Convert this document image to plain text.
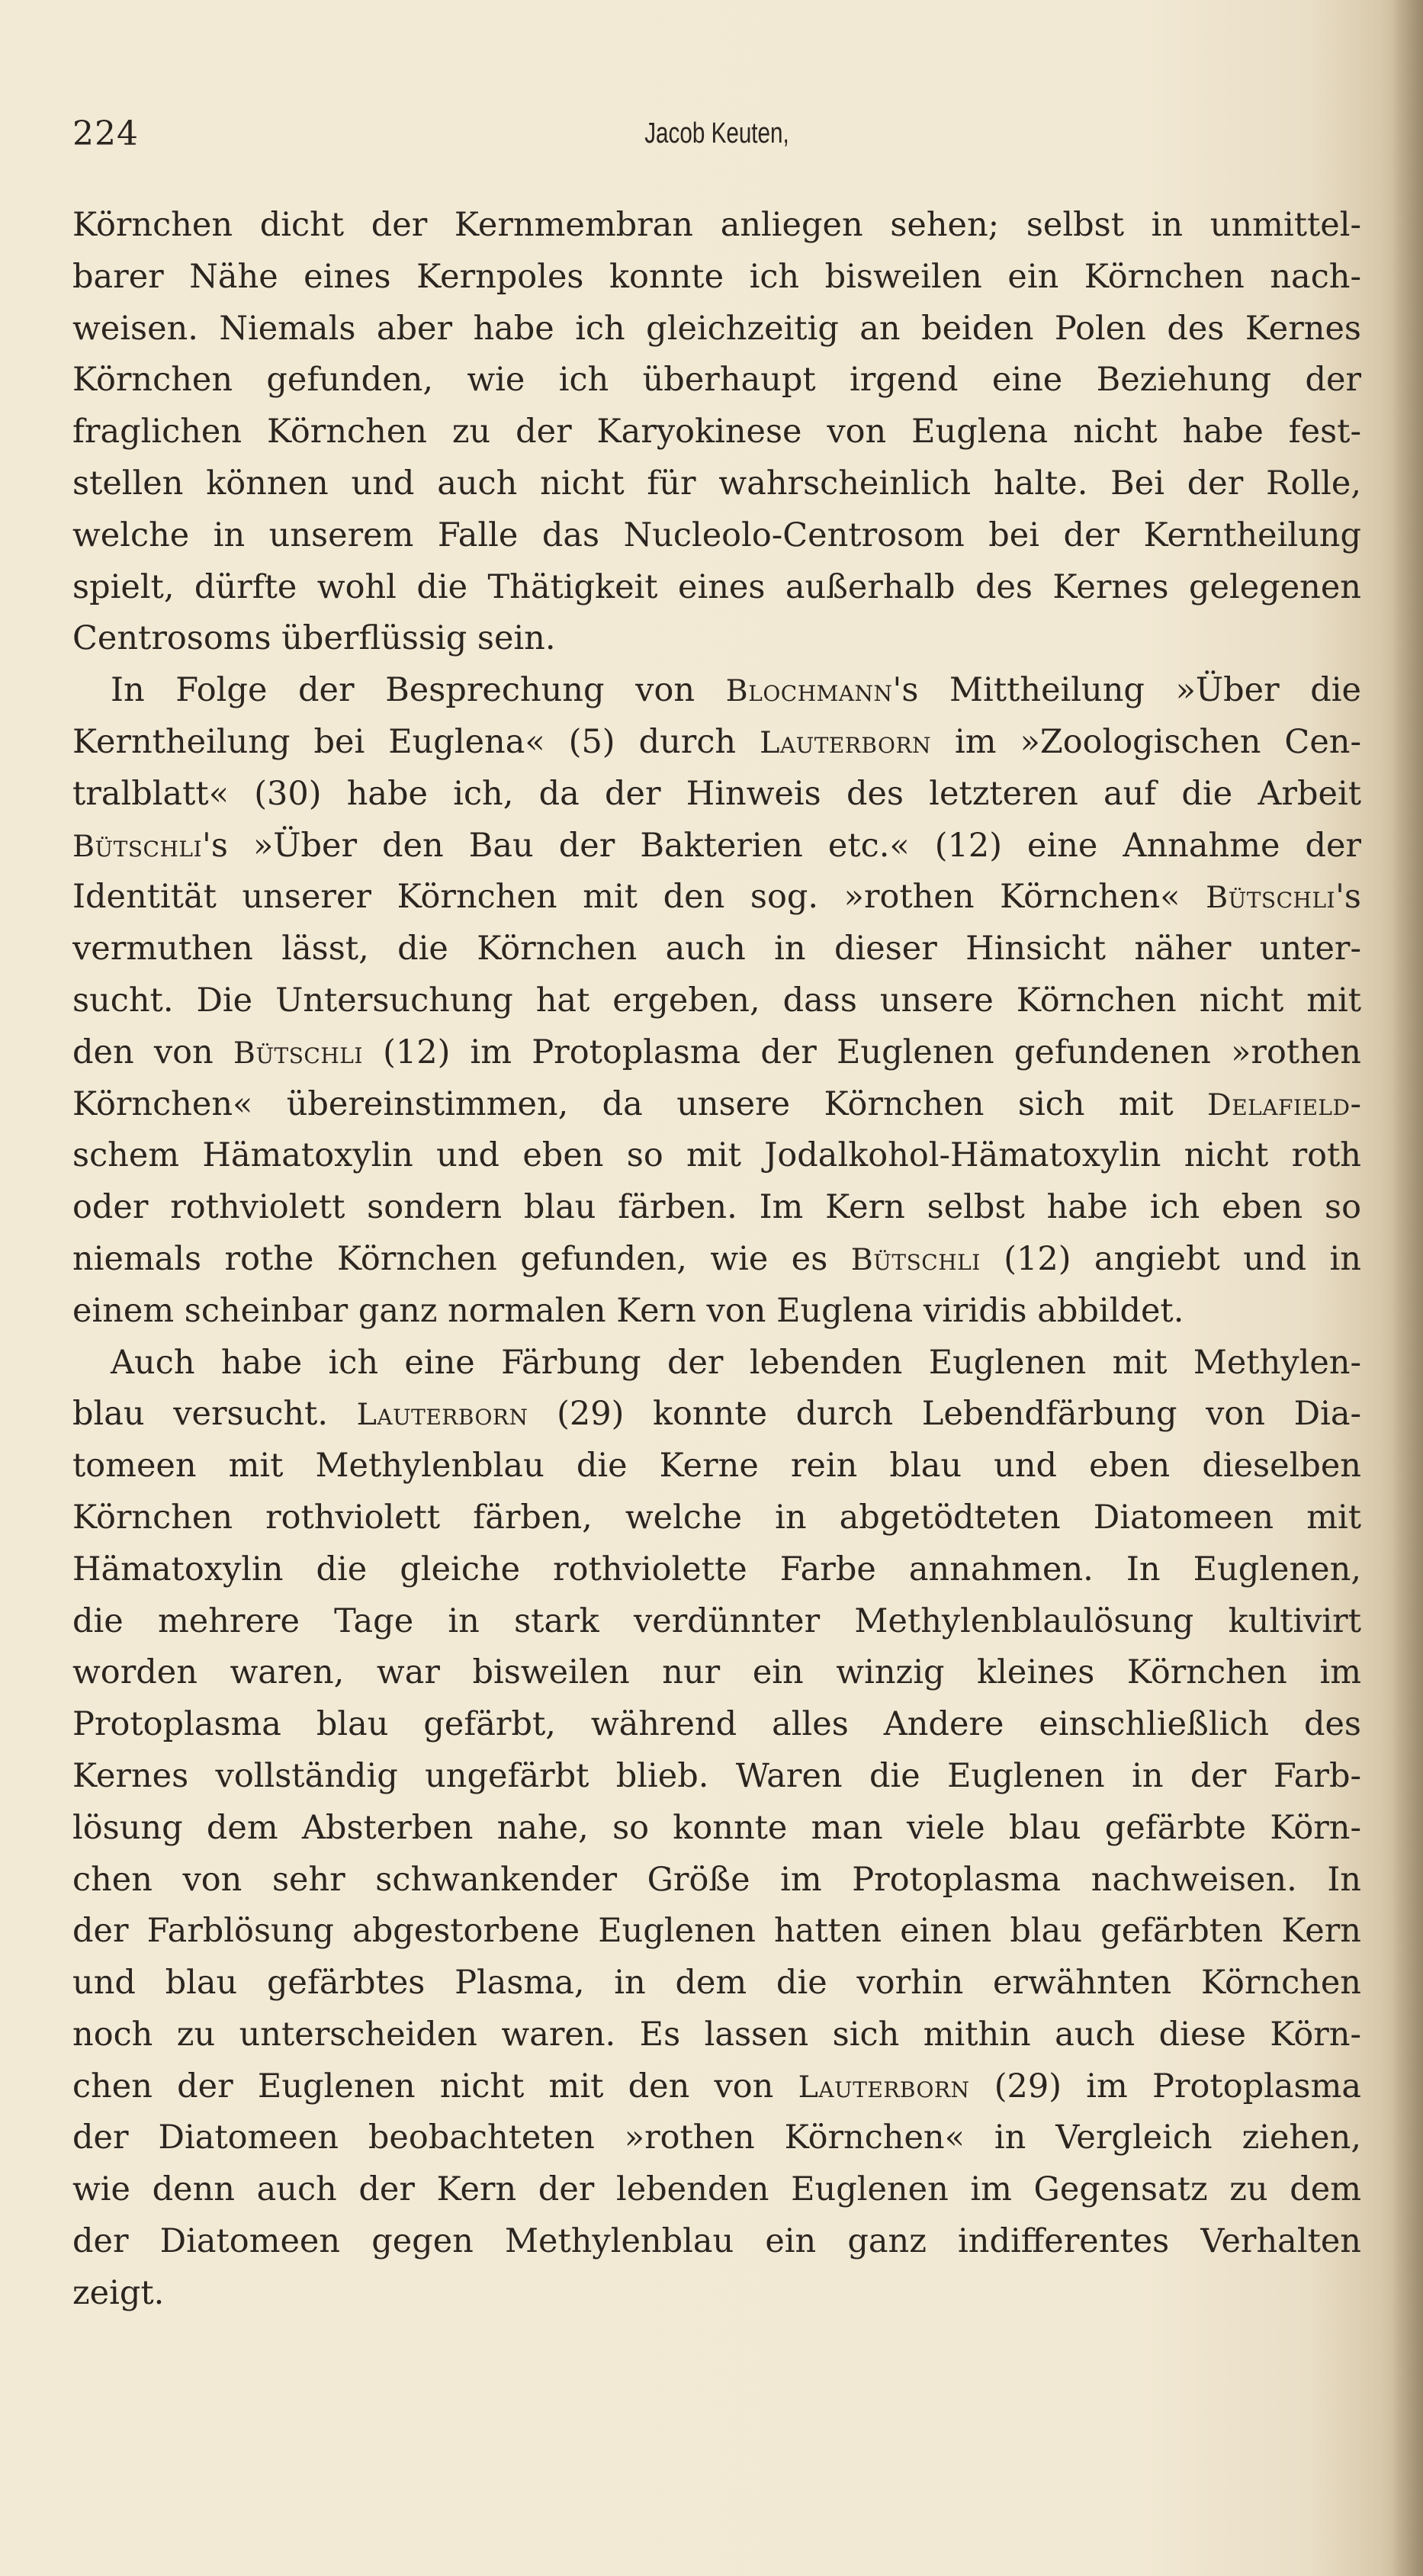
224	Jacob Keuten,
Körnchen dicht der Kernmembran anliegen sehen; selbst in unmittel-
barer Nähe eines Kernpoles konnte ich bisweilen ein Körnchen nach-
weisen. Niemals aber habe ich gleichzeitig an beiden Polen des Kernes
Körnchen gefunden, wie ich überhaupt irgend eine Beziehung der
fraglichen Körnchen zu der Karyokinese von Euglena nicht habe fest-
stellen können und auch nicht für wahrscheinlich halte. Bei der Rolle,
welche in unserem Falle das Nucleolo-Centrosom bei der Kerntheilung
spielt, dürfte wohl die Thätigkeit eines außerhalb des Kernes gelegenen
Centrosoms überflüssig sein.
In Folge der Besprechung von Blochmann's Mittheilung »Über die
Kerntheilung bei Euglena« (5) durch Lauterborn im »Zoologischen Cen-
tralblatt« (30) habe ich, da der Hinweis des letzteren auf die Arbeit
Bütschli's »Über den Bau der Bakterien etc.« (12) eine Annahme der
Identität unserer Körnchen mit den sog. »rothen Körnchen« Bütschli's
vermuthen lässt, die Körnchen auch in dieser Hinsicht näher unter-
sucht. Die Untersuchung hat ergeben, dass unsere Körnchen nicht mit
den von Bütschli (12) im Protoplasma der Euglenen gefundenen »rothen
Körnchen« übereinstimmen, da unsere Körnchen sich mit Delafield-
schem Hämatoxylin und eben so mit Jodalkohol-Hämatoxylin nicht roth
oder rothviolett sondern blau färben. Im Kern selbst habe ich eben so
niemals rothe Körnchen gefunden, wie es Bütschli (12) angiebt und in
einem scheinbar ganz normalen Kern von Euglena viridis abbildet.
Auch habe ich eine Färbung der lebenden Euglenen mit Methylen-
blau versucht. Lauterborn (29) konnte durch Lebendfärbung von Dia-
tomeen mit Methylenblau die Kerne rein blau und eben dieselben
Körnchen rothviolett färben, welche in abgetödteten Diatomeen mit
Hämatoxylin die gleiche rothviolette Farbe annahmen. In Euglenen,
die mehrere Tage in stark verdünnter Methylenblaulösung kultivirt
worden waren, war bisweilen nur ein winzig kleines Körnchen im
Protoplasma blau gefärbt, während alles Andere einschließlich des
Kernes vollständig ungefärbt blieb. Waren die Euglenen in der Farb-
lösung dem Absterben nahe, so konnte man viele blau gefärbte Körn-
chen von sehr schwankender Größe im Protoplasma nachweisen. In
der Farblösung abgestorbene Euglenen hatten einen blau gefärbten Kern
und blau gefärbtes Plasma, in dem die vorhin erwähnten Körnchen
noch zu unterscheiden waren. Es lassen sich mithin auch diese Körn-
chen der Euglenen nicht mit den von Lauterborn (29) im Protoplasma
der Diatomeen beobachteten »rothen Körnchen« in Vergleich ziehen,
wie denn auch der Kern der lebenden Euglenen im Gegensatz zu dem
der Diatomeen gegen Methylenblau ein ganz indifferentes Verhalten
zeigt.
